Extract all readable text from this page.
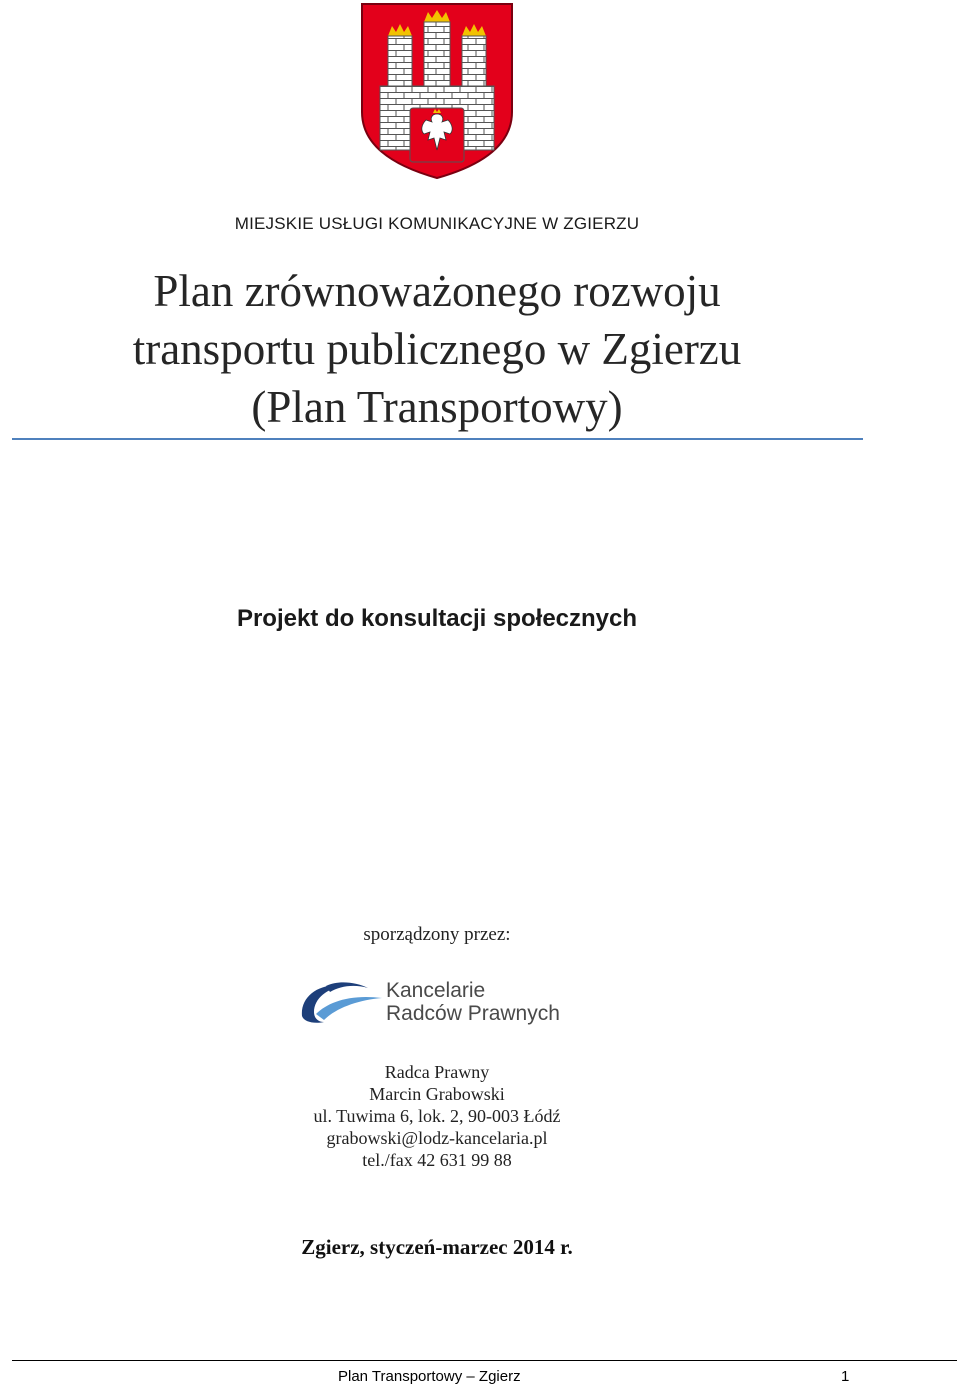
MIEJSKIE USŁUGI KOMUNIKACYJNE W ZGIERZU
Plan zrównoważonego rozwoju
transportu publicznego w Zgierzu
(Plan Transportowy)
Projekt do konsultacji społecznych
sporządzony przez:
Kancelarie
Radców Prawnych
Radca Prawny
Marcin Grabowski
ul. Tuwima 6, lok. 2, 90-003 Łódź
grabowski@lodz-kancelaria.pl
tel./fax 42 631 99 88
Zgierz, styczeń-marzec 2014 r.
Plan Transportowy – Zgierz	1
